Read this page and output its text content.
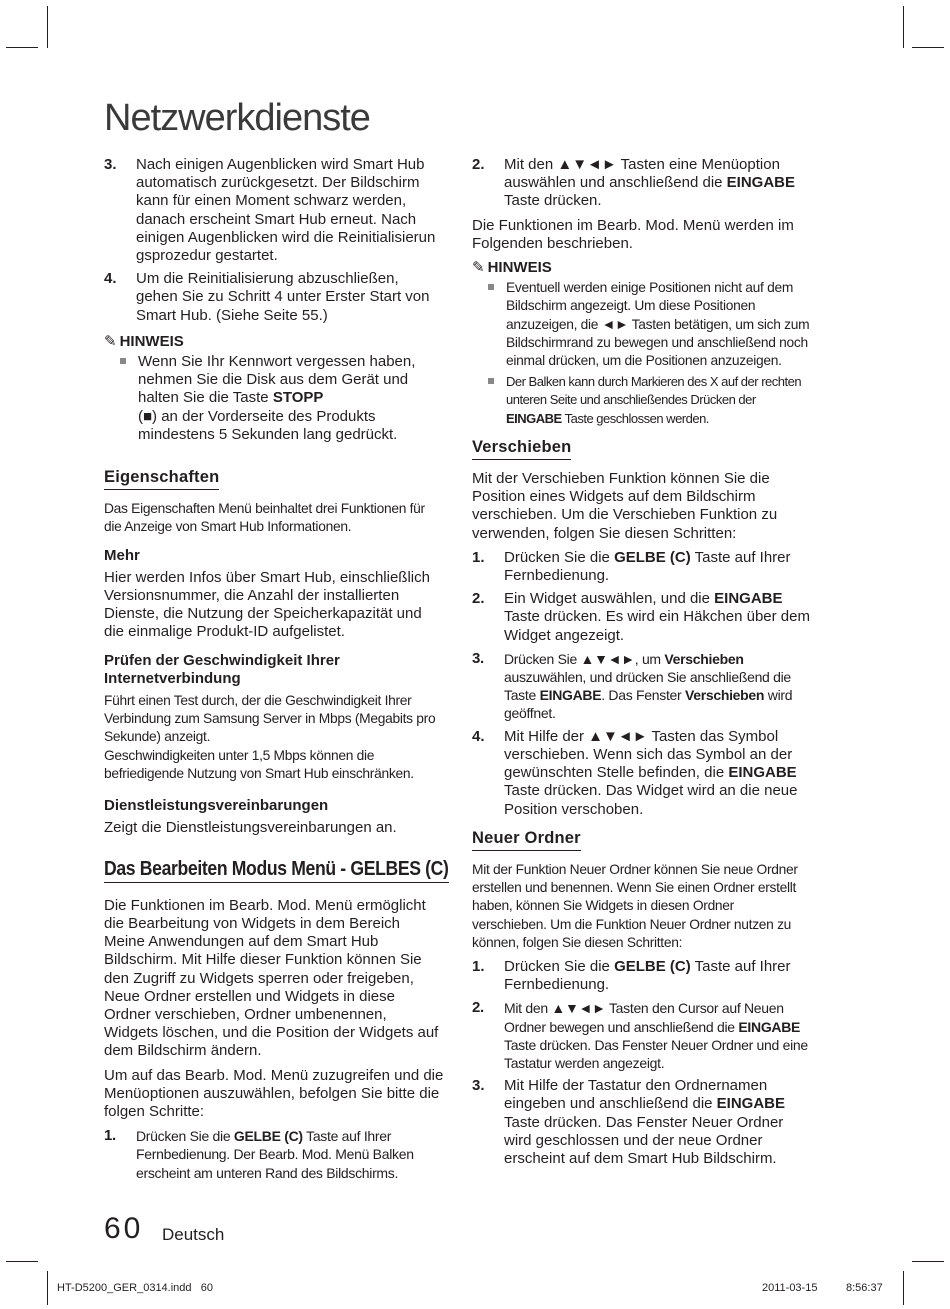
Netzwerkdienste
3. Nach einigen Augenblicken wird Smart Hub automatisch zurückgesetzt. Der Bildschirm kann für einen Moment schwarz werden, danach erscheint Smart Hub erneut. Nach einigen Augenblicken wird die Reinitialisierun gsprozedur gestartet.
4. Um die Reinitialisierung abzuschließen, gehen Sie zu Schritt 4 unter Erster Start von Smart Hub. (Siehe Seite 55.)
✎ HINWEIS
Wenn Sie Ihr Kennwort vergessen haben, nehmen Sie die Disk aus dem Gerät und halten Sie die Taste STOPP
(■) an der Vorderseite des Produkts mindestens 5 Sekunden lang gedrückt.
Eigenschaften

Das Eigenschaften Menü beinhaltet drei Funktionen für die Anzeige von Smart Hub Informationen.

Mehr

Hier werden Infos über Smart Hub, einschließlich Versionsnummer, die Anzahl der installierten Dienste, die Nutzung der Speicherkapazität und die einmalige Produkt-ID aufgelistet.

Prüfen der Geschwindigkeit Ihrer Internetverbindung

Führt einen Test durch, der die Geschwindigkeit Ihrer Verbindung zum Samsung Server in Mbps (Megabits pro Sekunde) anzeigt.

Geschwindigkeiten unter 1,5 Mbps können die befriedigende Nutzung von Smart Hub einschränken.

Dienstleistungsvereinbarungen

Zeigt die Dienstleistungsvereinbarungen an.

Das Bearbeiten Modus Menü - GELBES (C)

Die Funktionen im Bearb. Mod. Menü ermöglicht die Bearbeitung von Widgets in dem Bereich Meine Anwendungen auf dem Smart Hub Bildschirm. Mit Hilfe dieser Funktion können Sie den Zugriff zu Widgets sperren oder freigeben, Neue Ordner erstellen und Widgets in diese Ordner verschieben, Ordner umbenennen, Widgets löschen, und die Position der Widgets auf dem Bildschirm ändern.

Um auf das Bearb. Mod. Menü zuzugreifen und die Menüoptionen auszuwählen, befolgen Sie bitte die folgen Schritte:

1. Drücken Sie die GELBE (C) Taste auf Ihrer Fernbedienung. Der Bearb. Mod. Menü Balken erscheint am unteren Rand des Bildschirms.
2. Mit den ▲▼◄► Tasten eine Menüoption auswählen und anschließend die EINGABE Taste drücken.

Die Funktionen im Bearb. Mod. Menü werden im Folgenden beschrieben.

✎ HINWEIS
Eventuell werden einige Positionen nicht auf dem Bildschirm angezeigt. Um diese Positionen anzuzeigen, die ◄► Tasten betätigen, um sich zum Bildschirmrand zu bewegen und anschließend noch einmal drücken, um die Positionen anzuzeigen.
Der Balken kann durch Markieren des X auf der rechten unteren Seite und anschließendes Drücken der EINGABE Taste geschlossen werden.
Verschieben

Mit der Verschieben Funktion können Sie die Position eines Widgets auf dem Bildschirm verschieben. Um die Verschieben Funktion zu verwenden, folgen Sie diesen Schritten:

1. Drücken Sie die GELBE (C) Taste auf Ihrer Fernbedienung.
2. Ein Widget auswählen, und die EINGABE Taste drücken. Es wird ein Häkchen über dem Widget angezeigt.
3. Drücken Sie ▲▼◄►, um Verschieben auszuwählen, und drücken Sie anschließend die Taste EINGABE. Das Fenster Verschieben wird geöffnet.
4. Mit Hilfe der ▲▼◄► Tasten das Symbol verschieben. Wenn sich das Symbol an der gewünschten Stelle befinden, die EINGABE Taste drücken. Das Widget wird an die neue Position verschoben.
Neuer Ordner

Mit der Funktion Neuer Ordner können Sie neue Ordner erstellen und benennen. Wenn Sie einen Ordner erstellt haben, können Sie Widgets in diesen Ordner verschieben. Um die Funktion Neuer Ordner nutzen zu können, folgen Sie diesen Schritten:

1. Drücken Sie die GELBE (C) Taste auf Ihrer Fernbedienung.
2. Mit den ▲▼◄► Tasten den Cursor auf Neuen Ordner bewegen und anschließend die EINGABE Taste drücken. Das Fenster Neuer Ordner und eine Tastatur werden angezeigt.
3. Mit Hilfe der Tastatur den Ordnernamen eingeben und anschließend die EINGABE Taste drücken. Das Fenster Neuer Ordner wird geschlossen und der neue Ordner erscheint auf dem Smart Hub Bildschirm.
60 Deutsch
HT-D5200_GER_0314.indd   60	2011-03-15	8:56:37
